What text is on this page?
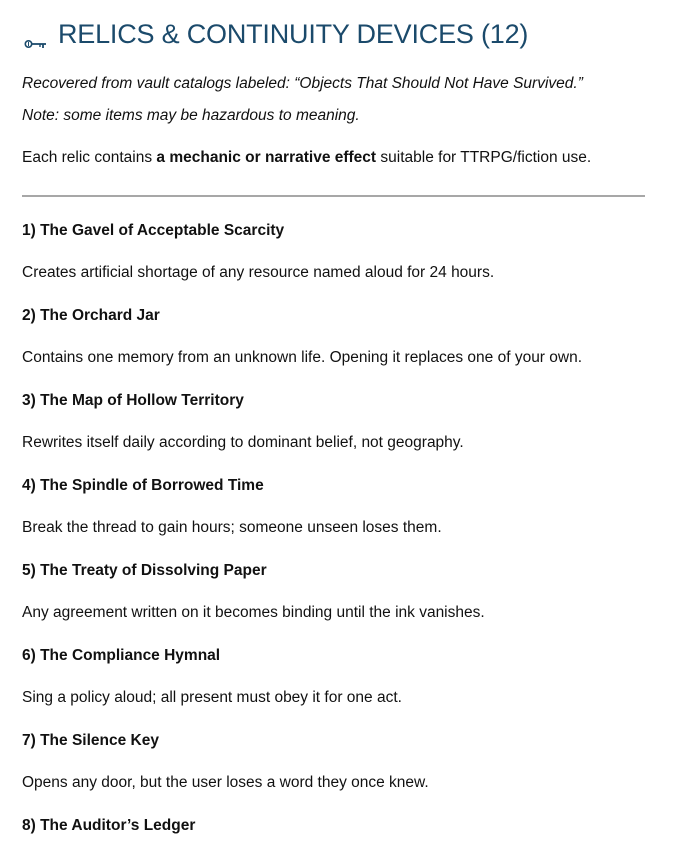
RELICS & CONTINUITY DEVICES (12)

Recovered from vault catalogs labeled: “Objects That Should Not Have Survived.”

Note: some items may be hazardous to meaning.

Each relic contains a mechanic or narrative effect suitable for TTRPG/fiction use.

1) The Gavel of Acceptable Scarcity

Creates artificial shortage of any resource named aloud for 24 hours.

2) The Orchard Jar

Contains one memory from an unknown life. Opening it replaces one of your own.

3) The Map of Hollow Territory

Rewrites itself daily according to dominant belief, not geography.

4) The Spindle of Borrowed Time

Break the thread to gain hours; someone unseen loses them.

5) The Treaty of Dissolving Paper

Any agreement written on it becomes binding until the ink vanishes.

6) The Compliance Hymnal

Sing a policy aloud; all present must obey it for one act.

7) The Silence Key

Opens any door, but the user loses a word they once knew.

8) The Auditor’s Ledger
